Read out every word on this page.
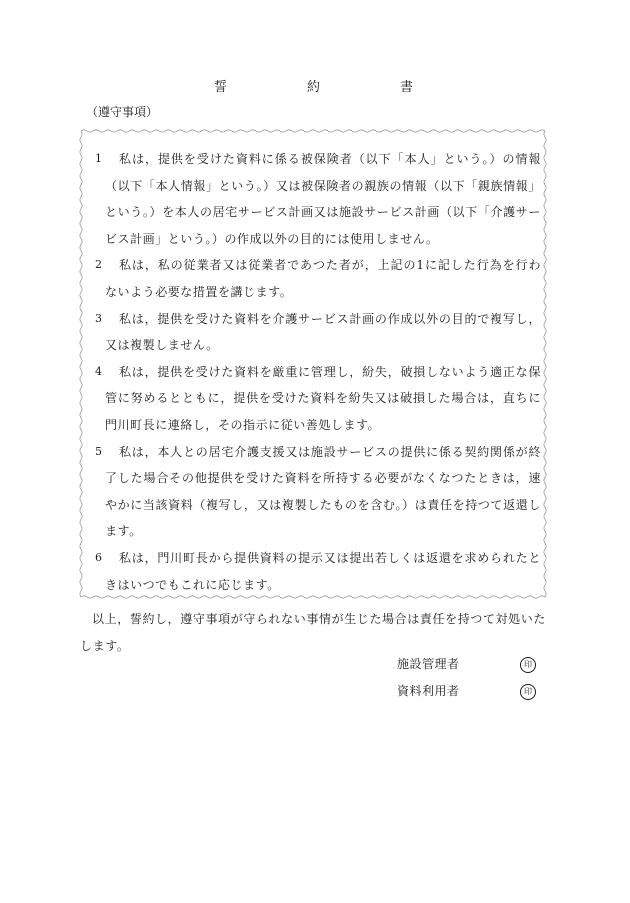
誓	約	書
（遵守事項）
1	私は，提供を受けた資料に係る被保険者（以下「本人」という。）の情報（以下「本人情報」という。）又は被保険者の親族の情報（以下「親族情報」という。）を本人の居宅サービス計画又は施設サービス計画（以下「介護サービス計画」という。）の作成以外の目的には使用しません。
2	私は，私の従業者又は従業者であつた者が，上記の1に記した行為を行わないよう必要な措置を講じます。
3	私は，提供を受けた資料を介護サービス計画の作成以外の目的で複写し，又は複製しません。
4	私は，提供を受けた資料を厳重に管理し，紛失，破損しないよう適正な保管に努めるとともに，提供を受けた資料を紛失又は破損した場合は，直ちに門川町長に連絡し，その指示に従い善処します。
5	私は，本人との居宅介護支援又は施設サービスの提供に係る契約関係が終了した場合その他提供を受けた資料を所持する必要がなくなつたときは，速やかに当該資料（複写し，又は複製したものを含む。）は責任を持つて返還します。
6	私は，門川町長から提供資料の提示又は提出若しくは返還を求められたときはいつでもこれに応じます。
以上，誓約し，遵守事項が守られない事情が生じた場合は責任を持つて対処いたします。
施設管理者	印
資料利用者	印
